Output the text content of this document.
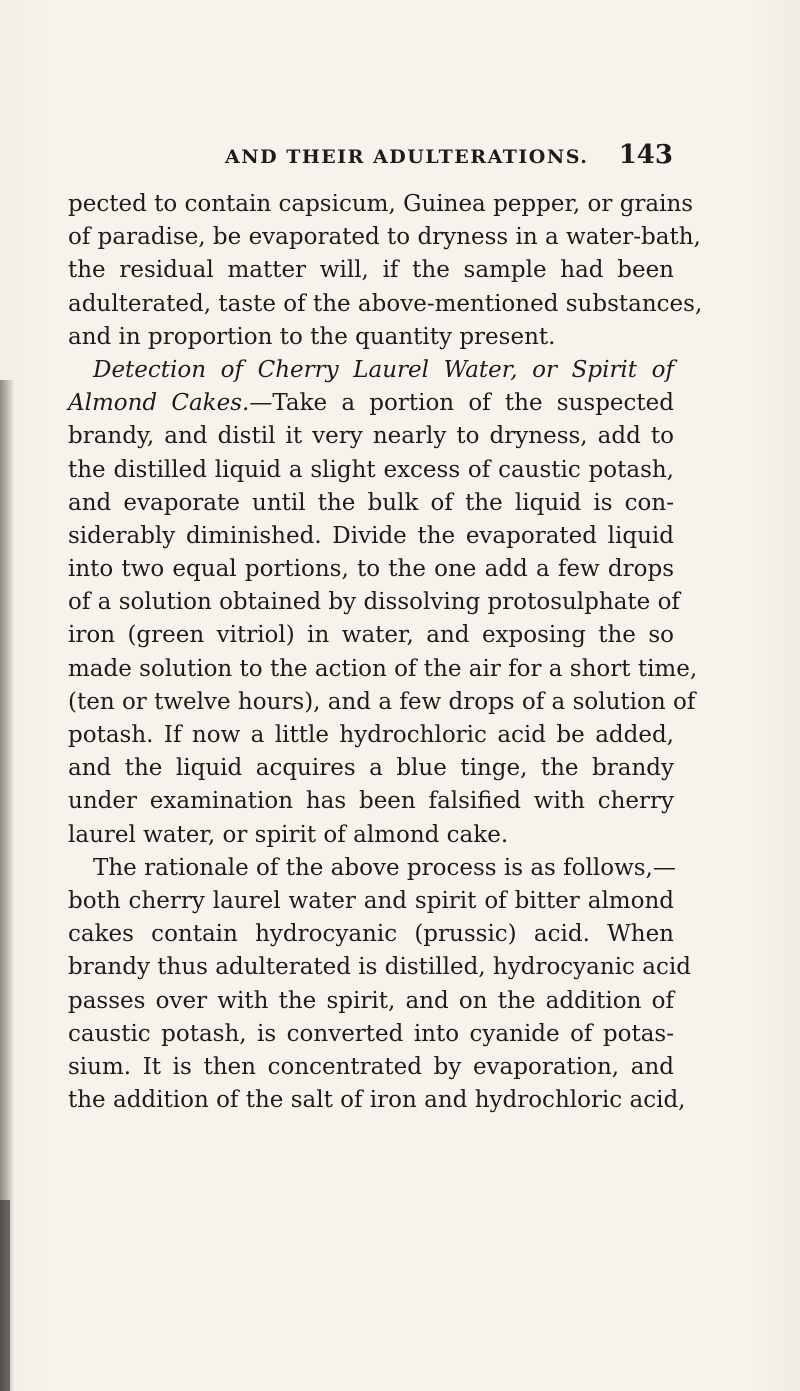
AND THEIR ADULTERATIONS. 143
pected to contain capsicum, Guinea pepper, or grains
of paradise, be evaporated to dryness in a water-bath,
the residual matter will, if the sample had been
adulterated, taste of the above-mentioned substances,
and in proportion to the quantity present.
Detection of Cherry Laurel Water, or Spirit of
Almond Cakes.—Take a portion of the suspected
brandy, and distil it very nearly to dryness, add to
the distilled liquid a slight excess of caustic potash,
and evaporate until the bulk of the liquid is con-
siderably diminished. Divide the evaporated liquid
into two equal portions, to the one add a few drops
of a solution obtained by dissolving protosulphate of
iron (green vitriol) in water, and exposing the so
made solution to the action of the air for a short time,
(ten or twelve hours), and a few drops of a solution of
potash. If now a little hydrochloric acid be added,
and the liquid acquires a blue tinge, the brandy
under examination has been falsified with cherry
laurel water, or spirit of almond cake.
The rationale of the above process is as follows,—
both cherry laurel water and spirit of bitter almond
cakes contain hydrocyanic (prussic) acid. When
brandy thus adulterated is distilled, hydrocyanic acid
passes over with the spirit, and on the addition of
caustic potash, is converted into cyanide of potas-
sium. It is then concentrated by evaporation, and
the addition of the salt of iron and hydrochloric acid,
